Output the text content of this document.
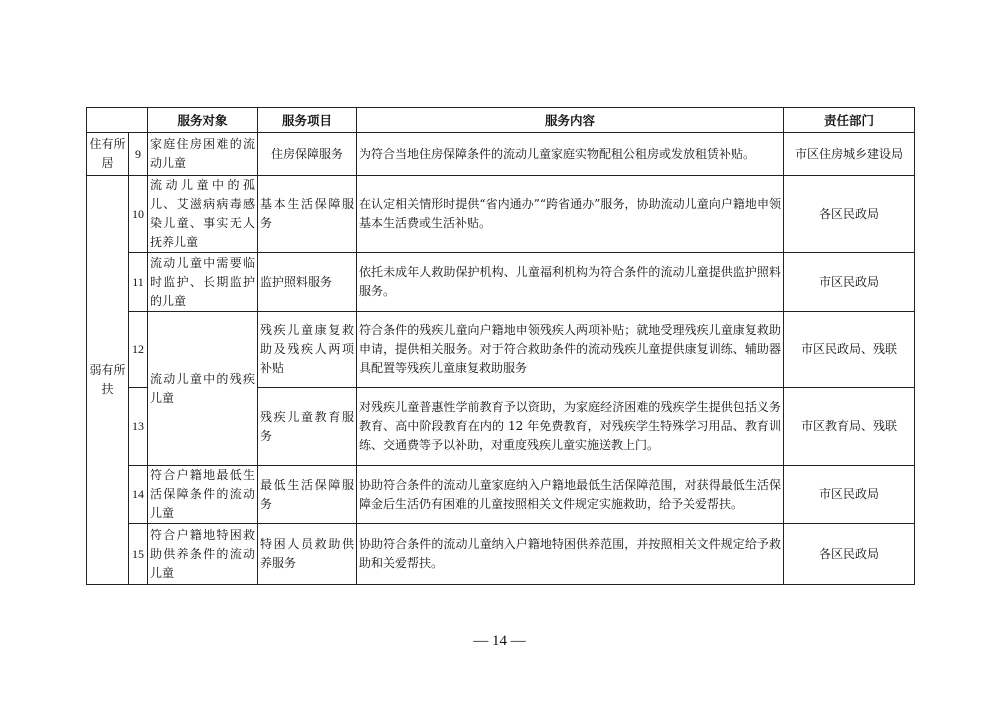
		服务对象	服务项目	服务内容	责任部门
住有所居	9	家庭住房困难的流动儿童	住房保障服务	为符合当地住房保障条件的流动儿童家庭实物配租公租房或发放租赁补贴。	市区住房城乡建设局
弱有所扶	10	流动儿童中的孤儿、艾滋病病毒感染儿童、事实无人抚养儿童	基本生活保障服务	在认定相关情形时提供“省内通办”“跨省通办”服务，协助流动儿童向户籍地申领基本生活费或生活补贴。	各区民政局
	11	流动儿童中需要临时监护、长期监护的儿童	监护照料服务	依托未成年人救助保护机构、儿童福利机构为符合条件的流动儿童提供监护照料服务。	市区民政局
	12	流动儿童中的残疾儿童	残疾儿童康复救助及残疾人两项补贴	符合条件的残疾儿童向户籍地申领残疾人两项补贴；就地受理残疾儿童康复救助申请，提供相关服务。对于符合救助条件的流动残疾儿童提供康复训练、辅助器具配置等残疾儿童康复救助服务	市区民政局、残联
	13		残疾儿童教育服务	对残疾儿童普惠性学前教育予以资助，为家庭经济困难的残疾学生提供包括义务教育、高中阶段教育在内的 12 年免费教育，对残疾学生特殊学习用品、教育训练、交通费等予以补助，对重度残疾儿童实施送教上门。	市区教育局、残联
	14	符合户籍地最低生活保障条件的流动儿童	最低生活保障服务	协助符合条件的流动儿童家庭纳入户籍地最低生活保障范围，对获得最低生活保障金后生活仍有困难的儿童按照相关文件规定实施救助，给予关爱帮扶。	市区民政局
	15	符合户籍地特困救助供养条件的流动儿童	特困人员救助供养服务	协助符合条件的流动儿童纳入户籍地特困供养范围，并按照相关文件规定给予救助和关爱帮扶。	各区民政局
— 14 —
